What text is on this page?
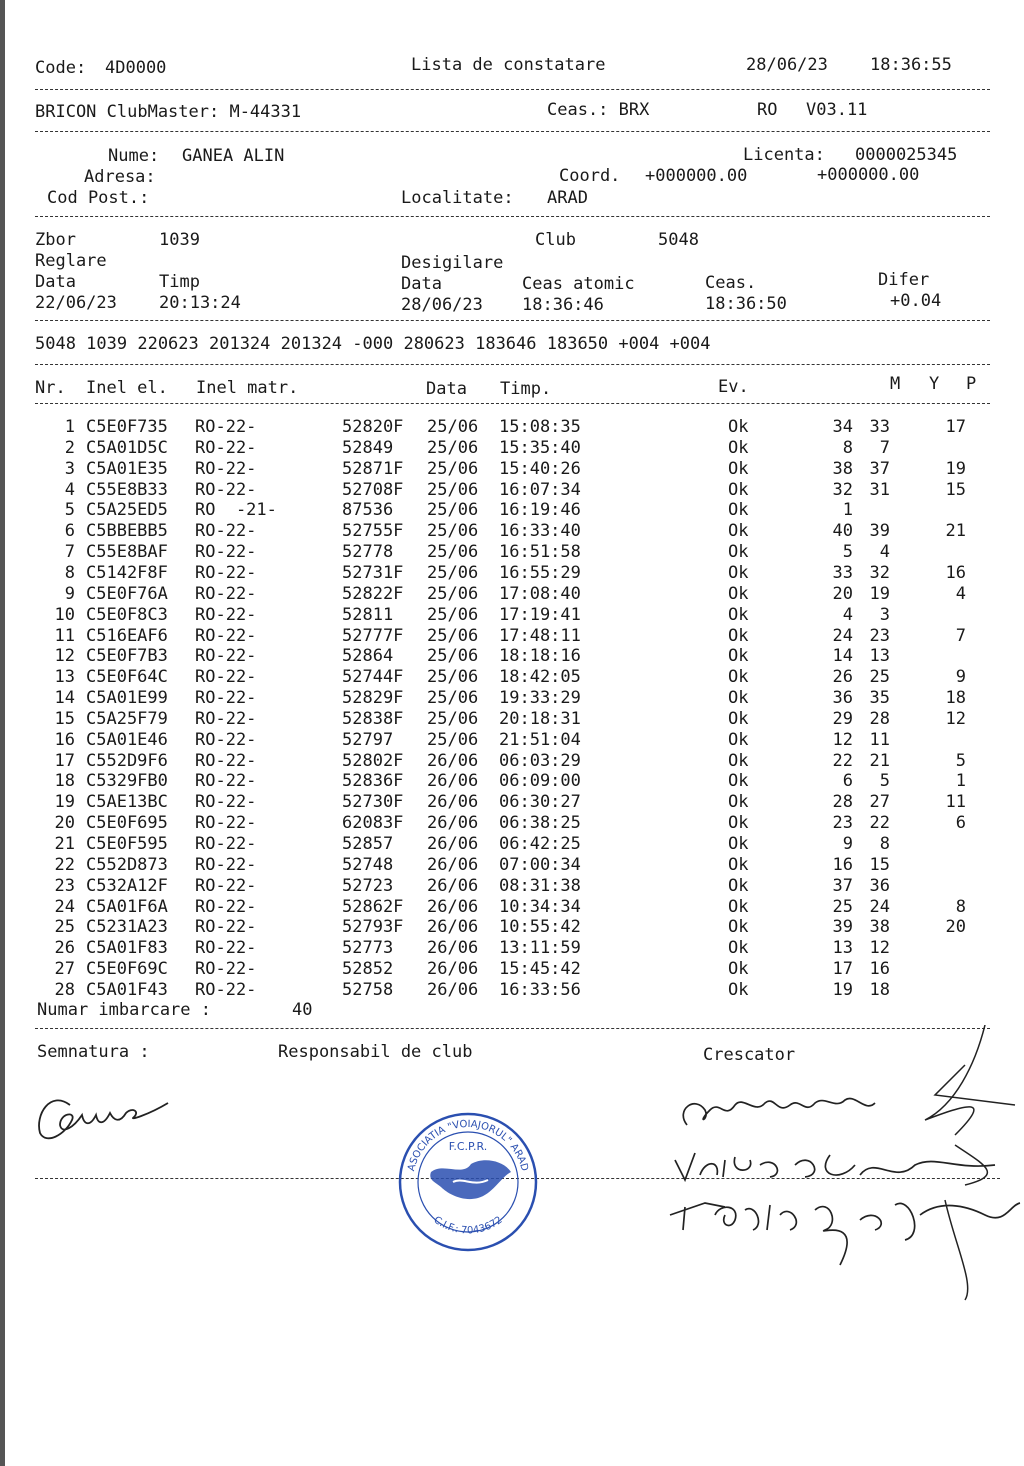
Code: 4D0000	Lista de constatare	28/06/23 18:36:55
BRICON ClubMaster: M-44331	Ceas.: BRX	RO V03.11
Nume: GANEA ALIN	Licenta: 0000025345
Adresa:	Coord. +000000.00	+000000.00
Cod Post.:	Localitate: ARAD
Zbor	1039	Club	5048
Reglare	Desigilare
Data	Timp	Data	Ceas atomic	Ceas.	Difer
22/06/23 20:13:24	28/06/23 18:36:46	18:36:50	+0.04
5048 1039 220623 201324 201324 -000 280623 183646 183650 +004 +004
Nr. Inel el. Inel matr.	Data Timp.	Ev.	M Y P
1 C5E0F735 RO-22-	52820F 25/06 15:08:35	Ok	34 33	17
2 C5A01D5C RO-22-	52849 25/06 15:35:40	Ok	8 7
3 C5A01E35 RO-22-	52871F 25/06 15:40:26	Ok	38 37	19
4 C55E8B33 RO-22-	52708F 25/06 16:07:34	Ok	32 31	15
5 C5A25ED5 RO  -21-	87536 25/06 16:19:46	Ok	1
6 C5BBEBB5 RO-22-	52755F 25/06 16:33:40	Ok	40 39	21
7 C55E8BAF RO-22-	52778 25/06 16:51:58	Ok	5 4
8 C5142F8F RO-22-	52731F 25/06 16:55:29	Ok	33 32	16
9 C5E0F76A RO-22-	52822F 25/06 17:08:40	Ok	20 19	4
10 C5E0F8C3 RO-22-	52811 25/06 17:19:41	Ok	4 3
11 C516EAF6 RO-22-	52777F 25/06 17:48:11	Ok	24 23	7
12 C5E0F7B3 RO-22-	52864 25/06 18:18:16	Ok	14 13
13 C5E0F64C RO-22-	52744F 25/06 18:42:05	Ok	26 25	9
14 C5A01E99 RO-22-	52829F 25/06 19:33:29	Ok	36 35	18
15 C5A25F79 RO-22-	52838F 25/06 20:18:31	Ok	29 28	12
16 C5A01E46 RO-22-	52797 25/06 21:51:04	Ok	12 11
17 C552D9F6 RO-22-	52802F 26/06 06:03:29	Ok	22 21	5
18 C5329FB0 RO-22-	52836F 26/06 06:09:00	Ok	6 5	1
19 C5AE13BC RO-22-	52730F 26/06 06:30:27	Ok	28 27	11
20 C5E0F695 RO-22-	62083F 26/06 06:38:25	Ok	23 22	6
21 C5E0F595 RO-22-	52857 26/06 06:42:25	Ok	9 8
22 C552D873 RO-22-	52748 26/06 07:00:34	Ok	16 15
23 C532A12F RO-22-	52723 26/06 08:31:38	Ok	37 36
24 C5A01F6A RO-22-	52862F 26/06 10:34:34	Ok	25 24	8
25 C5231A23 RO-22-	52793F 26/06 10:55:42	Ok	39 38	20
26 C5A01F83 RO-22-	52773 26/06 13:11:59	Ok	13 12
27 C5E0F69C RO-22-	52852 26/06 15:45:42	Ok	17 16
28 C5A01F43 RO-22-	52758 26/06 16:33:56	Ok	19 18
Numar imbarcare :	40
Semnatura :	Responsabil de club	Crescator
ASOCIATIA "VOIAJORUL" ARAD
F.C.P.R.
C.I.F.: 7043672
